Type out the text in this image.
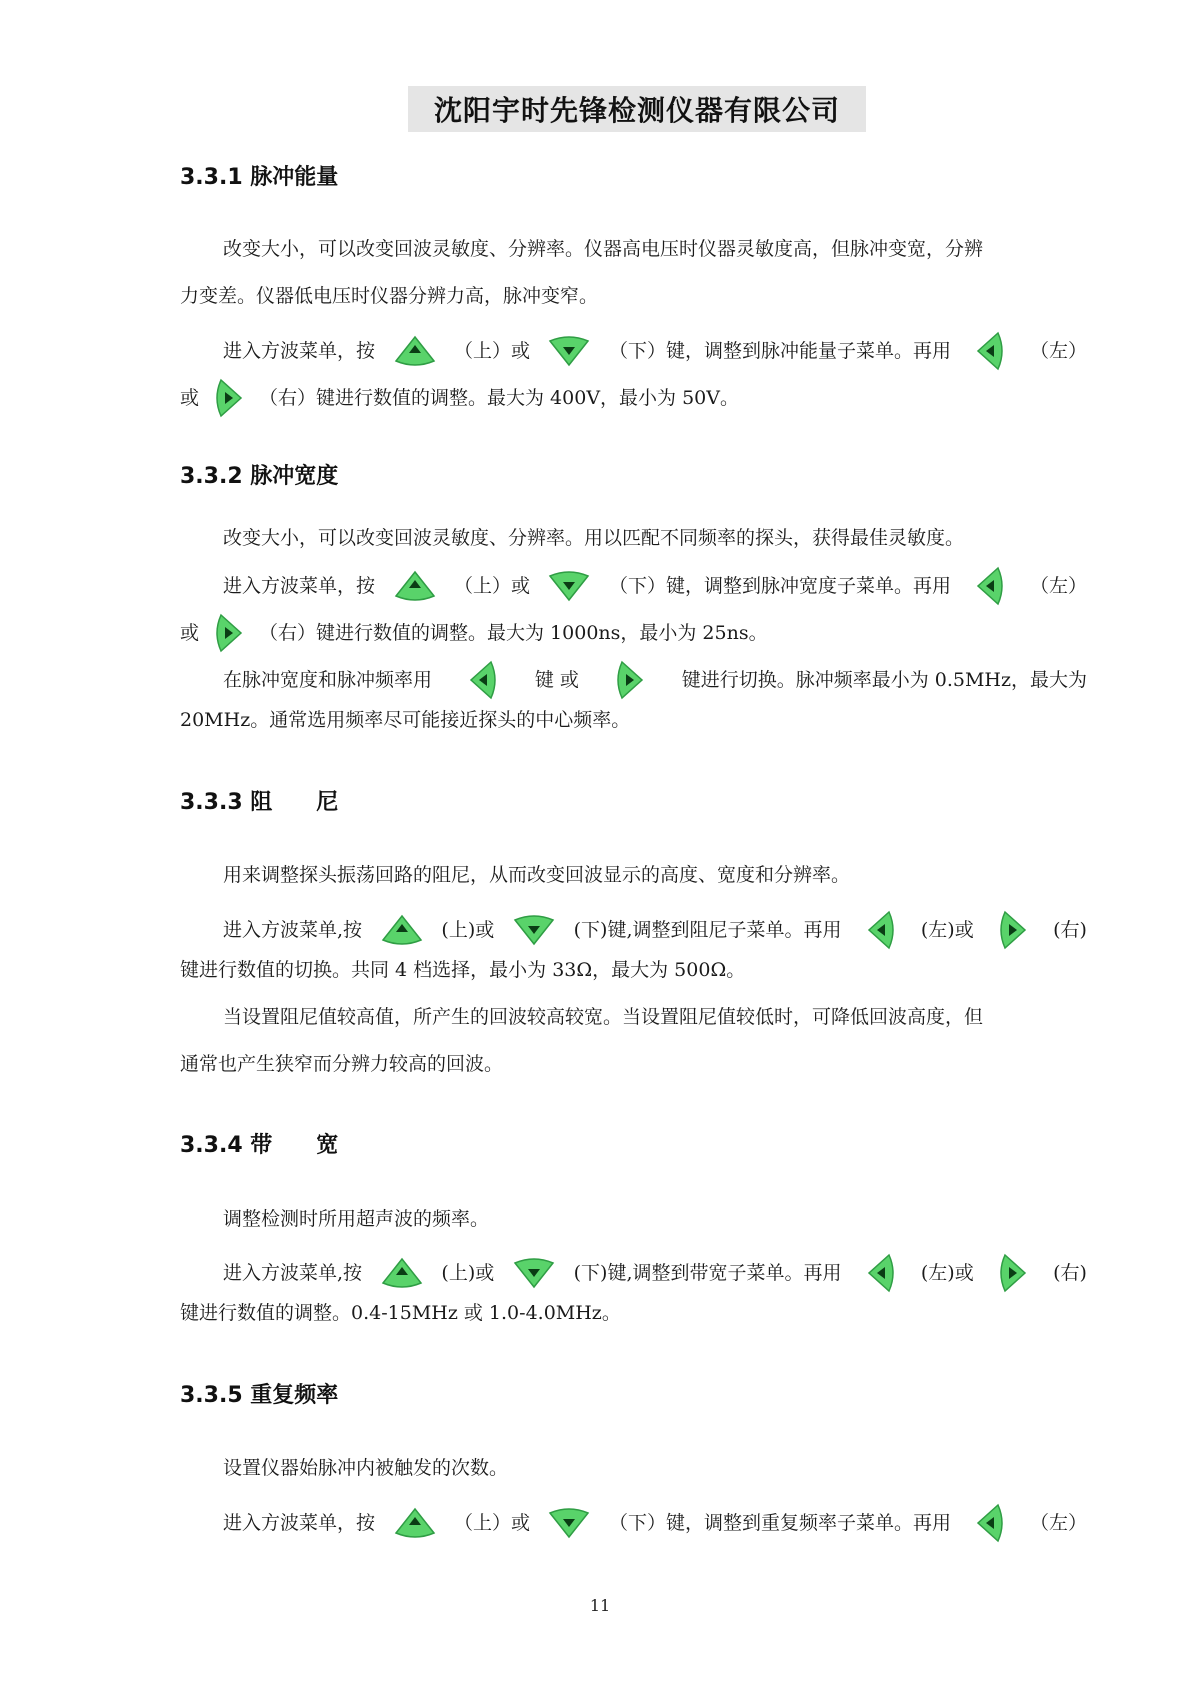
沈阳宇时先锋检测仪器有限公司
3.3.1 脉冲能量
改变大小，可以改变回波灵敏度、分辨率。仪器高电压时仪器灵敏度高，但脉冲变宽，分辨
力变差。仪器低电压时仪器分辨力高，脉冲变窄。
进入方波菜单，按	（上）或	（下）键，调整到脉冲能量子菜单。再用	（左）
或	（右）键进行数值的调整。最大为 400V，最小为 50V。
3.3.2 脉冲宽度
改变大小，可以改变回波灵敏度、分辨率。用以匹配不同频率的探头，获得最佳灵敏度。
进入方波菜单，按	（上）或	（下）键，调整到脉冲宽度子菜单。再用	（左）
或	（右）键进行数值的调整。最大为 1000ns，最小为 25ns。
在脉冲宽度和脉冲频率用	键 或	键进行切换。脉冲频率最小为 0.5MHz，最大为
20MHz。通常选用频率尽可能接近探头的中心频率。
3.3.3 阻　　尼
用来调整探头振荡回路的阻尼，从而改变回波显示的高度、宽度和分辨率。
进入方波菜单,按	(上)或	(下)键,调整到阻尼子菜单。再用	(左)或	(右)
键进行数值的切换。共同 4 档选择，最小为 33Ω，最大为 500Ω。
当设置阻尼值较高值，所产生的回波较高较宽。当设置阻尼值较低时，可降低回波高度，但
通常也产生狭窄而分辨力较高的回波。
3.3.4 带　　宽
调整检测时所用超声波的频率。
进入方波菜单,按	(上)或	(下)键,调整到带宽子菜单。再用	(左)或	(右)
键进行数值的调整。0.4-15MHz 或 1.0-4.0MHz。
3.3.5 重复频率
设置仪器始脉冲内被触发的次数。
进入方波菜单，按	（上）或	（下）键，调整到重复频率子菜单。再用	（左）
11
